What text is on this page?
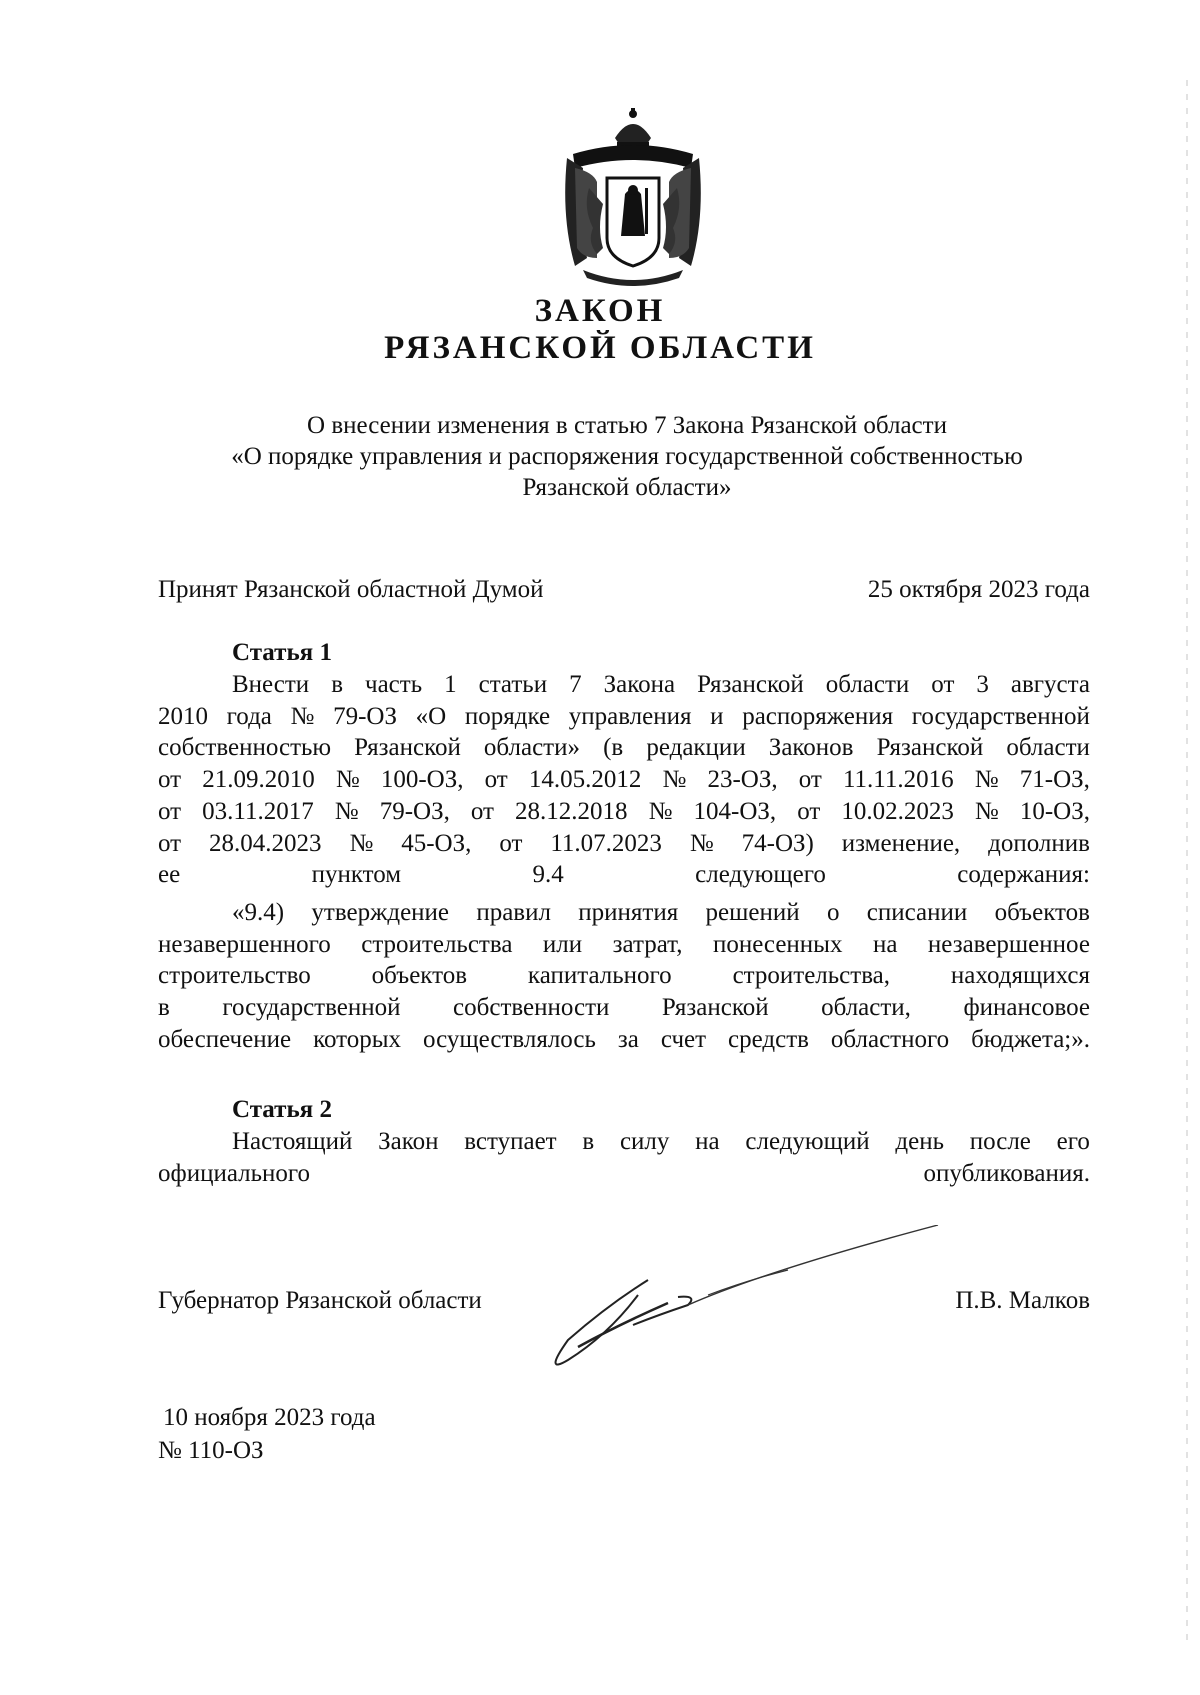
ЗАКОН
РЯЗАНСКОЙ ОБЛАСТИ
О внесении изменения в статью 7 Закона Рязанской области
«О порядке управления и распоряжения государственной собственностью
Рязанской области»
Принят Рязанской областной Думой	25 октября 2023 года
Статья 1
Внести в часть 1 статьи 7 Закона Рязанской области от 3 августа
2010 года № 79-ОЗ «О порядке управления и распоряжения государственной
собственностью Рязанской области» (в редакции Законов Рязанской области
от 21.09.2010 № 100-ОЗ, от 14.05.2012 № 23-ОЗ, от 11.11.2016 № 71-ОЗ,
от 03.11.2017 № 79-ОЗ, от 28.12.2018 № 104-ОЗ, от 10.02.2023 № 10-ОЗ,
от 28.04.2023 № 45-ОЗ, от 11.07.2023 № 74-ОЗ) изменение, дополнив
ее пунктом 9.4 следующего содержания:
«9.4) утверждение правил принятия решений о списании объектов
незавершенного строительства или затрат, понесенных на незавершенное
строительство объектов капитального строительства, находящихся
в государственной собственности Рязанской области, финансовое
обеспечение которых осуществлялось за счет средств областного бюджета;».
Статья 2
Настоящий Закон вступает в силу на следующий день после его
официального опубликования.
Губернатор Рязанской области	П.В. Малков
10 ноября 2023 года
№ 110-ОЗ
